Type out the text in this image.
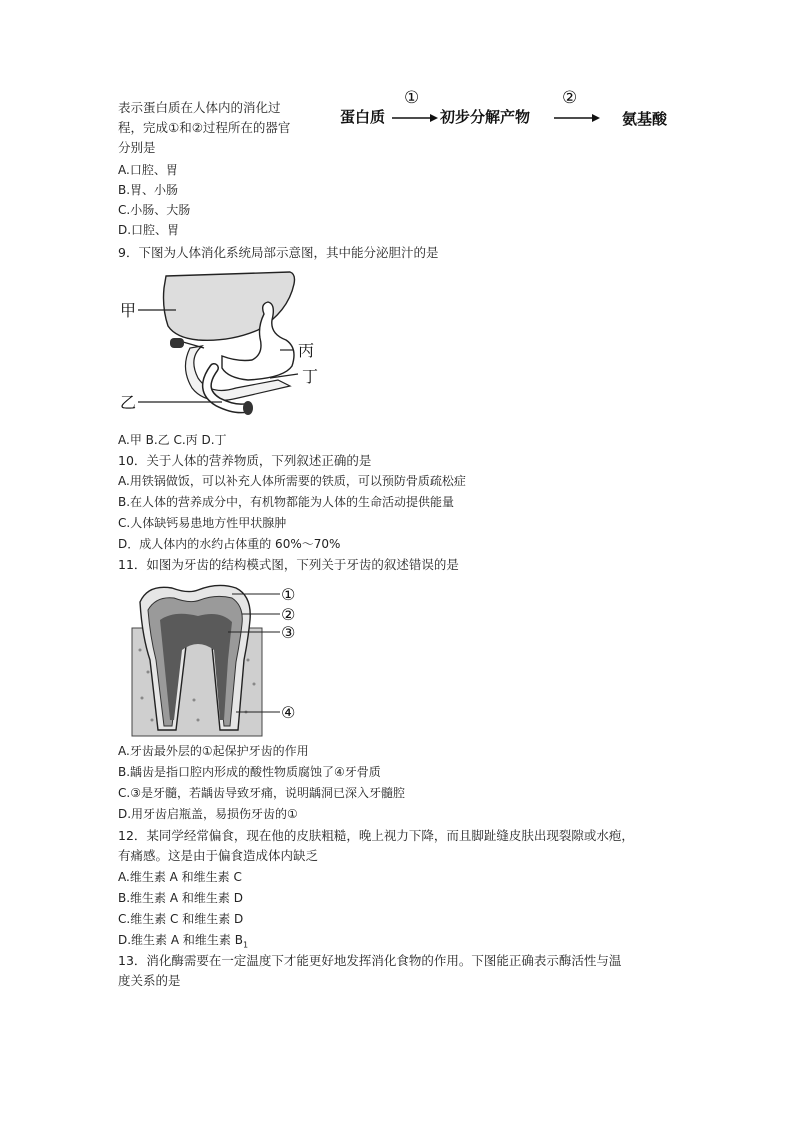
表示蛋白质在人体内的消化过
程，完成①和②过程所在的器官
分别是
蛋白质
①
初步分解产物
②
氨基酸
A.口腔、胃
B.胃、小肠
C.小肠、大肠
D.口腔、胃
9．下图为人体消化系统局部示意图，其中能分泌胆汁的是
甲
丙
丁
乙
A.甲 B.乙 C.丙 D.丁
10．关于人体的营养物质，下列叙述正确的是
A.用铁锅做饭，可以补充人体所需要的铁质，可以预防骨质疏松症
B.在人体的营养成分中，有机物都能为人体的生命活动提供能量
C.人体缺钙易患地方性甲状腺肿
D．成人体内的水约占体重的 60%～70%
11．如图为牙齿的结构模式图，下列关于牙齿的叙述错误的是
①
②
③
④
A.牙齿最外层的①起保护牙齿的作用
B.龋齿是指口腔内形成的酸性物质腐蚀了④牙骨质
C.③是牙髓，若龋齿导致牙痛，说明龋洞已深入牙髓腔
D.用牙齿启瓶盖，易损伤牙齿的①
12．某同学经常偏食，现在他的皮肤粗糙，晚上视力下降，而且脚趾缝皮肤出现裂隙或水疱，
有痛感。这是由于偏食造成体内缺乏
A.维生素 A 和维生素 C
B.维生素 A 和维生素 D
C.维生素 C 和维生素 D
D.维生素 A 和维生素 $B_1$
13．消化酶需要在一定温度下才能更好地发挥消化食物的作用。下图能正确表示酶活性与温
度关系的是
